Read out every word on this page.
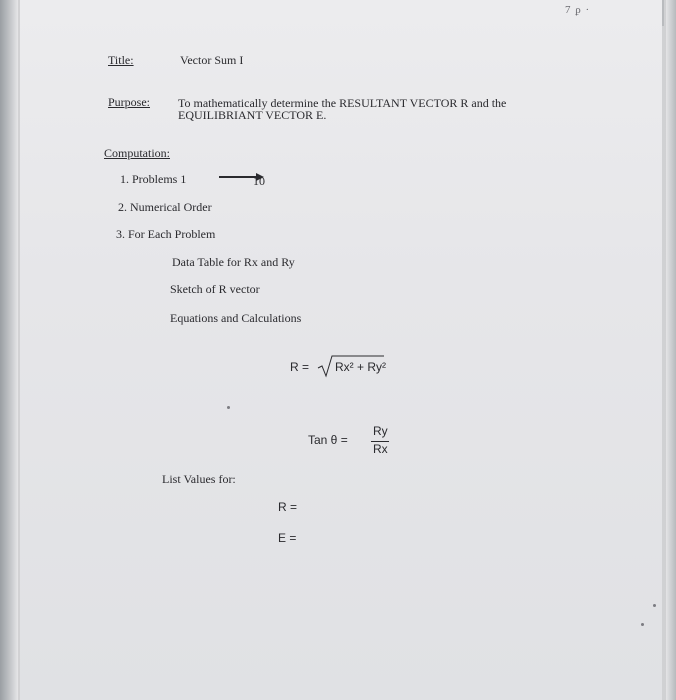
7 ϼ ·
Title:	Vector Sum I
Purpose: To mathematically determine the RESULTANT VECTOR R and the
EQUILIBRIANT VECTOR E.
Computation:
1. Problems 1	10
2. Numerical Order
3. For Each Problem
Data Table for Rx and Ry
Sketch of R vector
Equations and Calculations
R = Rx² + Ry²
Tan θ =
Ry
Rx
List Values for:
R =
E =
